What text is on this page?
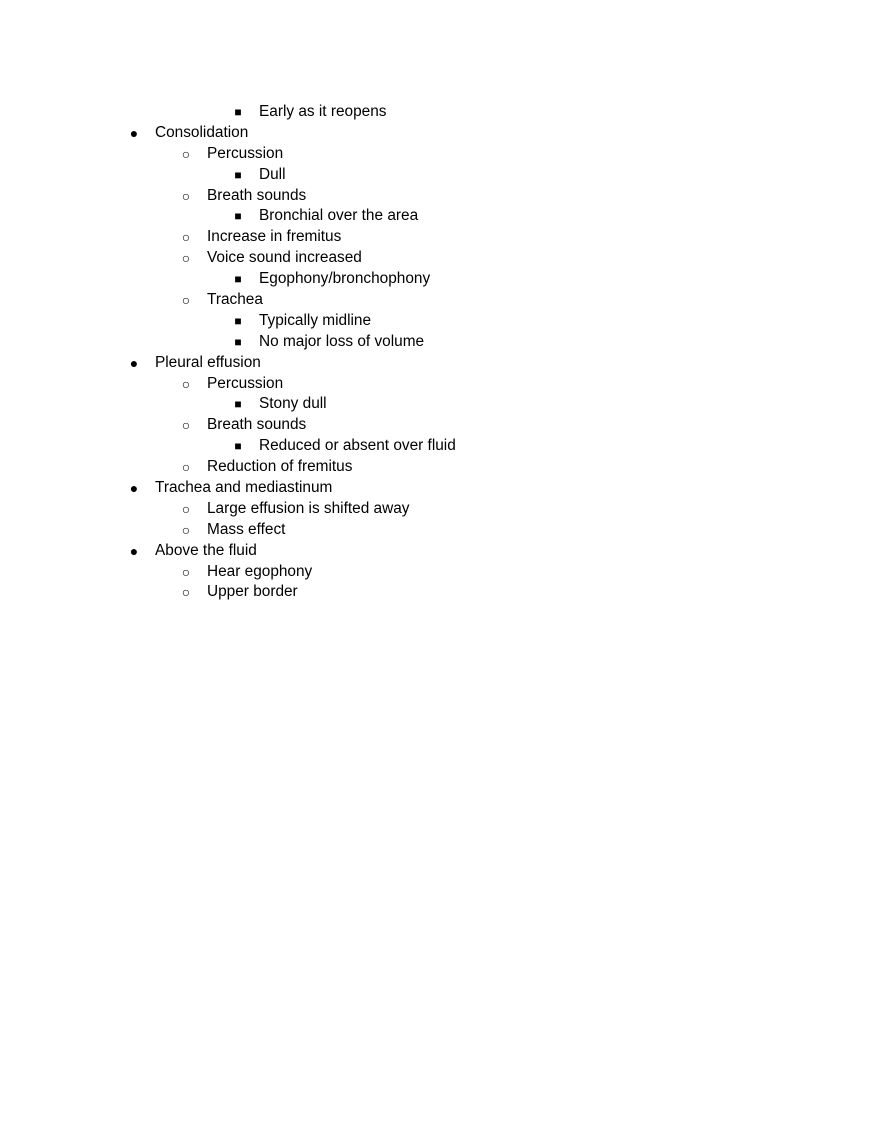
■ Early as it reopens
● Consolidation
○ Percussion
■ Dull
○ Breath sounds
■ Bronchial over the area
○ Increase in fremitus
○ Voice sound increased
■ Egophony/bronchophony
○ Trachea
■ Typically midline
■ No major loss of volume
● Pleural effusion
○ Percussion
■ Stony dull
○ Breath sounds
■ Reduced or absent over fluid
○ Reduction of fremitus
● Trachea and mediastinum
○ Large effusion is shifted away
○ Mass effect
● Above the fluid
○ Hear egophony
○ Upper border
